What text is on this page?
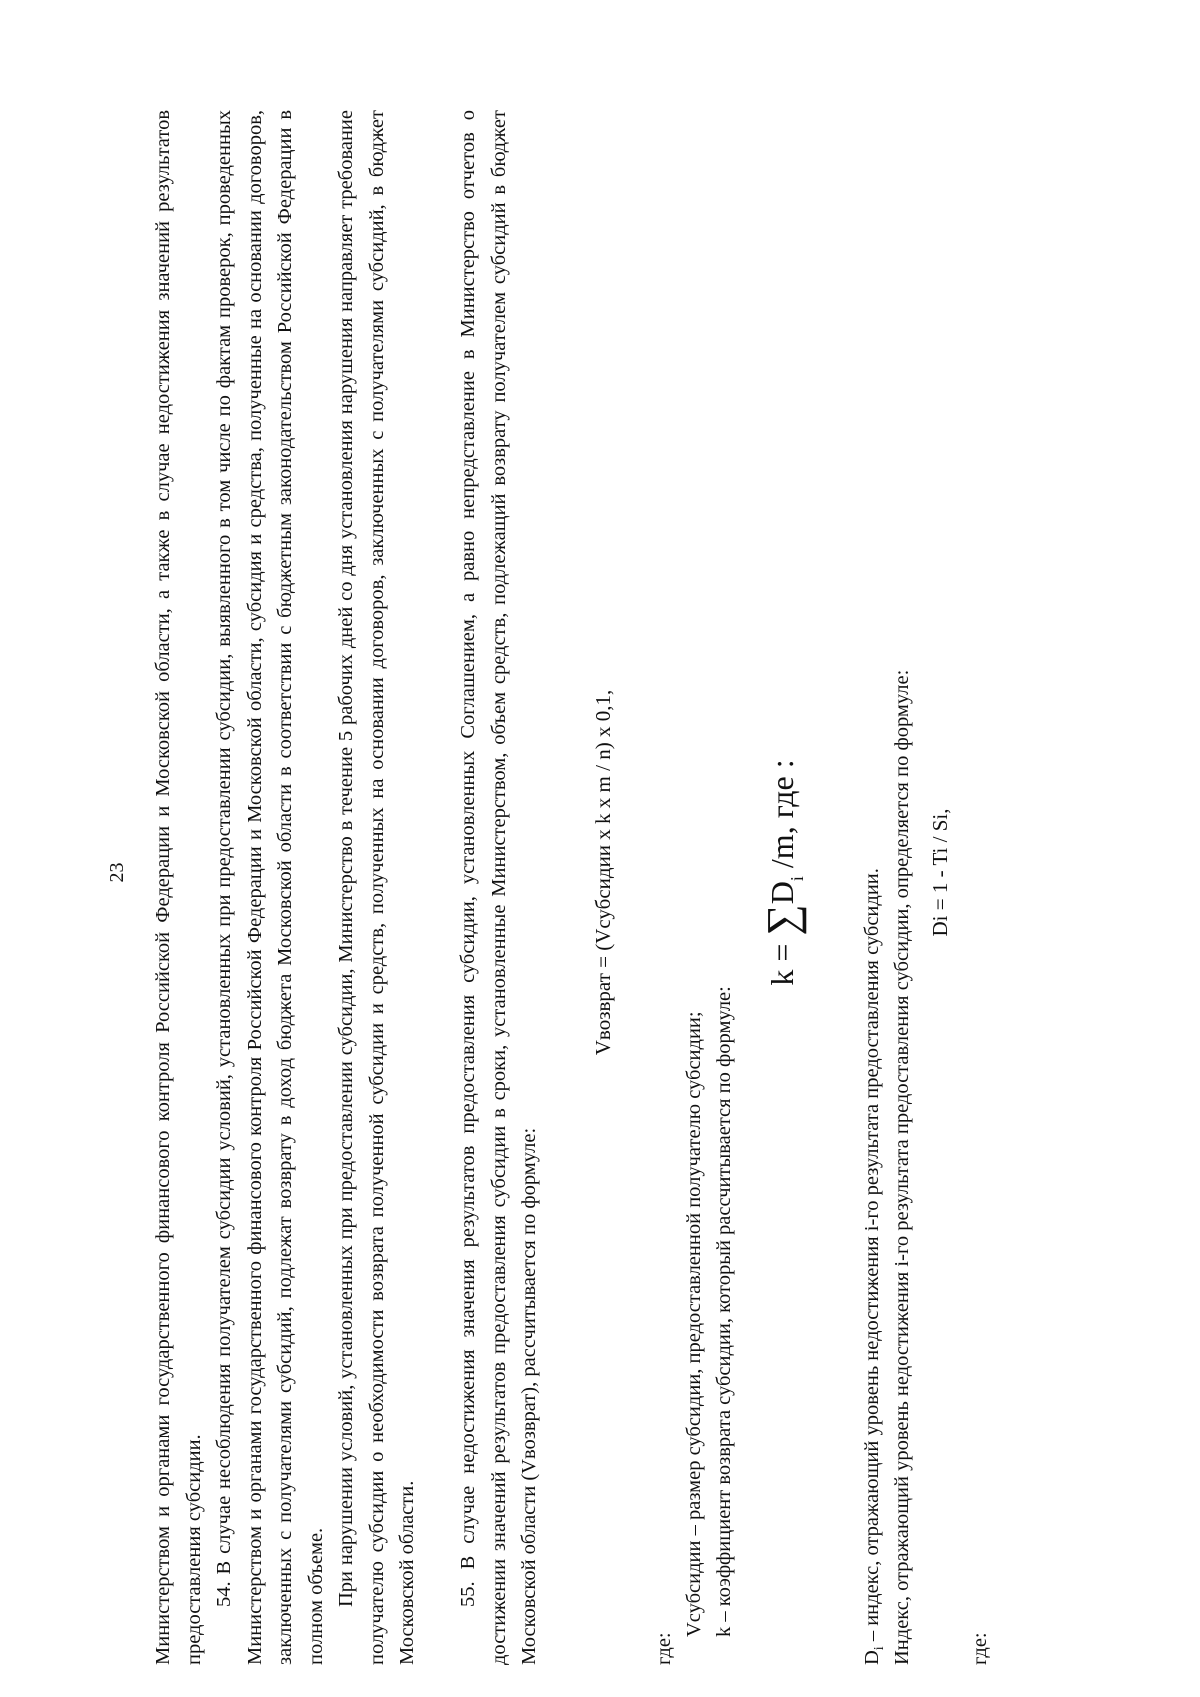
23 Министерством и органами государственного финансового контроля Российской Федерации и Московской области, а также в случае недостижения значений результатов предоставления субсидии. 54. В случае несоблюдения получателем субсидии условий, установленных при предоставлении субсидии, выявленного в том числе по фактам проверок, проведенных Министерством и органами государственного финансового контроля Российской Федерации и Московской области, субсидия и средства, полученные на основании договоров, заключенных с получателями субсидий, подлежат возврату в доход бюджета Московской области в соответствии с бюджетным законодательством Российской Федерации в полном объеме. При нарушении условий, установленных при предоставлении субсидии, Министерство в течение 5 рабочих дней со дня установления нарушения направляет требование получателю субсидии о необходимости возврата полученной субсидии и средств, полученных на основании договоров, заключенных с получателями субсидий, в бюджет Московской области. 55. В случае недостижения значения результатов предоставления субсидии, установленных Соглашением, а равно непредставление в Министерство отчетов о достижении значений результатов предоставления субсидии в сроки, установленные Министерством, объем средств, подлежащий возврату получателем субсидий в бюджет Московской области (Vвозврат), рассчитывается по формуле:

Vвозврат = (Vсубсидии x k x m / n) x 0,1,
где:
Vсубсидии – размер субсидии, предоставленной получателю субсидии; k – коэффициент возврата субсидии, который рассчитывается по формуле:
$k = \sum D_i$ /m, где :
$D_i$ – индекс, отражающий уровень недостижения i-го результата предоставления субсидии. Индекс, отражающий уровень недостижения i-го результата предоставления субсидии, определяется по формуле: Di = 1 - Ti / Si,
где:
